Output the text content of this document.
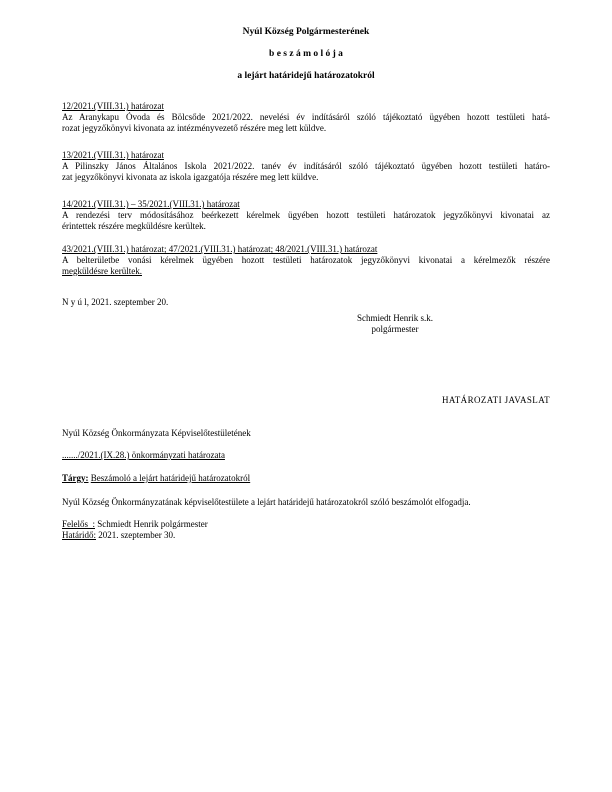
Nyúl Község Polgármesterének
b e s z á m o l ó j a
a lejárt határidejű határozatokról
12/2021.(VIII.31.) határozat
Az Aranykapu Óvoda és Bölcsőde 2021/2022. nevelési év indításáról szóló tájékoztató ügyében hozott testületi hatá-
rozat jegyzőkönyvi kivonata az intézményvezető részére meg lett küldve.
13/2021.(VIII.31.) határozat
A Pilinszky János Általános Iskola 2021/2022. tanév év indításáról szóló tájékoztató ügyében hozott testületi határo-
zat jegyzőkönyvi kivonata az iskola igazgatója részére meg lett küldve.
14/2021.(VIII.31.) – 35/2021.(VIII.31.) határozat
A rendezési terv módosításához beérkezett kérelmek ügyében hozott testületi határozatok jegyzőkönyvi kivonatai az
érintettek részére megküldésre kerültek.
43/2021.(VIII.31.) határozat; 47/2021.(VIII.31.) határozat; 48/2021.(VIII.31.) határozat
A belterületbe vonási kérelmek ügyében hozott testületi határozatok jegyzőkönyvi kivonatai a kérelmezők részére
megküldésre kerültek.
N y ú l, 2021. szeptember 20.
Schmiedt Henrik s.k.
polgármester
HATÁROZATI JAVASLAT
Nyúl Község Önkormányzata Képviselőtestületének
......./2021.(IX.28.) önkormányzati határozata
Tárgy: Beszámoló a lejárt határidejű határozatokról
Nyúl Község Önkormányzatának képviselőtestülete a lejárt határidejű határozatokról szóló beszámolót elfogadja.
Felelős  : Schmiedt Henrik polgármester
Határidő: 2021. szeptember 30.
